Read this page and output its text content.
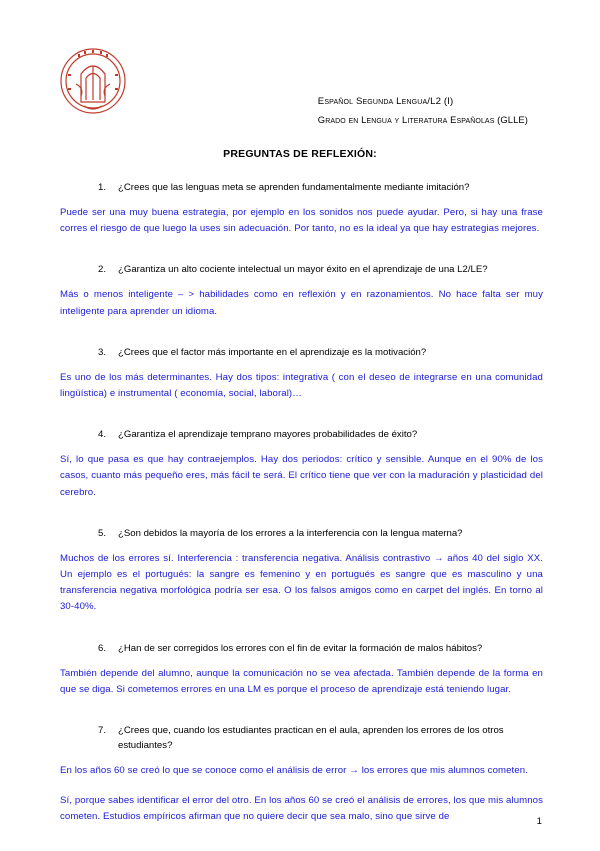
Español Segunda Lengua/L2 (I)
Grado en Lengua y Literatura Españolas (GLLE)
PREGUNTAS DE REFLEXIÓN:
1.	¿Crees que las lenguas meta se aprenden fundamentalmente mediante imitación?
Puede ser una muy buena estrategia, por ejemplo en los sonidos nos puede ayudar. Pero, si hay una frase corres el riesgo de que luego la uses sin adecuación. Por tanto, no es la ideal ya que hay estrategias mejores.
2.	¿Garantiza un alto cociente intelectual un mayor éxito en el aprendizaje de una L2/LE?
Más o menos inteligente – > habilidades como en reflexión y en razonamientos. No hace falta ser muy inteligente para aprender un idioma.
3.	¿Crees que el factor más importante en el aprendizaje es la motivación?
Es uno de los más determinantes. Hay dos tipos: integrativa ( con el deseo de integrarse en una comunidad lingüística) e instrumental ( economía, social, laboral)…
4.	¿Garantiza el aprendizaje temprano mayores probabilidades de éxito?
Sí, lo que pasa es que hay contraejemplos. Hay dos periodos: crítico y sensible. Aunque en el 90% de los casos, cuanto más pequeño eres, más fácil te será. El crítico tiene que ver con la maduración y plasticidad del cerebro.
5.	¿Son debidos la mayoría de los errores a la interferencia con la lengua materna?
Muchos de los errores sí. Interferencia : transferencia negativa. Análisis contrastivo → años 40 del siglo XX. Un ejemplo es el portugués: la sangre es femenino y en portugués es sangre que es masculino y una transferencia negativa morfológica podría ser esa. O los falsos amigos como en carpet del inglés. En torno al 30-40%.
6.	¿Han de ser corregidos los errores con el fin de evitar la formación de malos hábitos?
También depende del alumno, aunque la comunicación no se vea afectada. También depende de la forma en que se diga. Si cometemos errores en una LM es porque el proceso de aprendizaje está teniendo lugar.
7.	¿Crees que, cuando los estudiantes practican en el aula, aprenden los errores de los otros estudiantes?
En los años 60 se creó lo que se conoce como el análisis de error → los errores que mis alumnos cometen.
Sí, porque sabes identificar el error del otro. En los años 60 se creó el análisis de errores, los que mis alumnos cometen. Estudios empíricos afirman que no quiere decir que sea malo, sino que sirve de	1
